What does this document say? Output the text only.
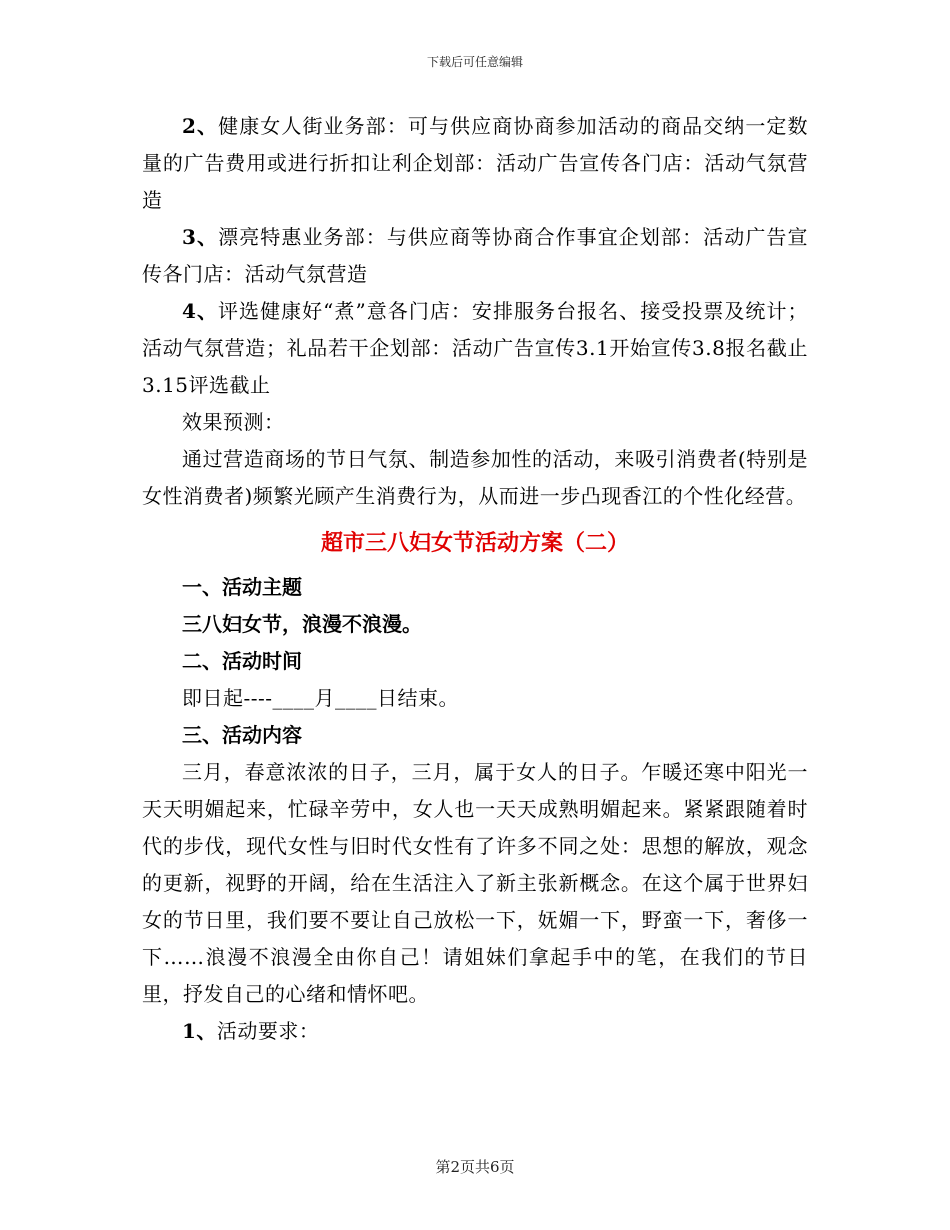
下载后可任意编辑

2、健康女人街业务部：可与供应商协商参加活动的商品交纳一定数量的广告费用或进行折扣让利企划部：活动广告宣传各门店：活动气氛营造

3、漂亮特惠业务部：与供应商等协商合作事宜企划部：活动广告宣传各门店：活动气氛营造

4、评选健康好“煮”意各门店：安排服务台报名、接受投票及统计；活动气氛营造；礼品若干企划部：活动广告宣传3.1开始宣传3.8报名截止3.15评选截止

效果预测：

通过营造商场的节日气氛、制造参加性的活动，来吸引消费者(特别是女性消费者)频繁光顾产生消费行为，从而进一步凸现香江的个性化经营。

超市三八妇女节活动方案（二）

一、活动主题

三八妇女节，浪漫不浪漫。

二、活动时间

即日起----____月____日结束。

三、活动内容

三月，春意浓浓的日子，三月，属于女人的日子。乍暖还寒中阳光一天天明媚起来，忙碌辛劳中，女人也一天天成熟明媚起来。紧紧跟随着时代的步伐，现代女性与旧时代女性有了许多不同之处：思想的解放，观念的更新，视野的开阔，给在生活注入了新主张新概念。在这个属于世界妇女的节日里，我们要不要让自己放松一下，妩媚一下，野蛮一下，奢侈一下……浪漫不浪漫全由你自己！请姐妹们拿起手中的笔，在我们的节日里，抒发自己的心绪和情怀吧。

1、活动要求：

第2页共6页
